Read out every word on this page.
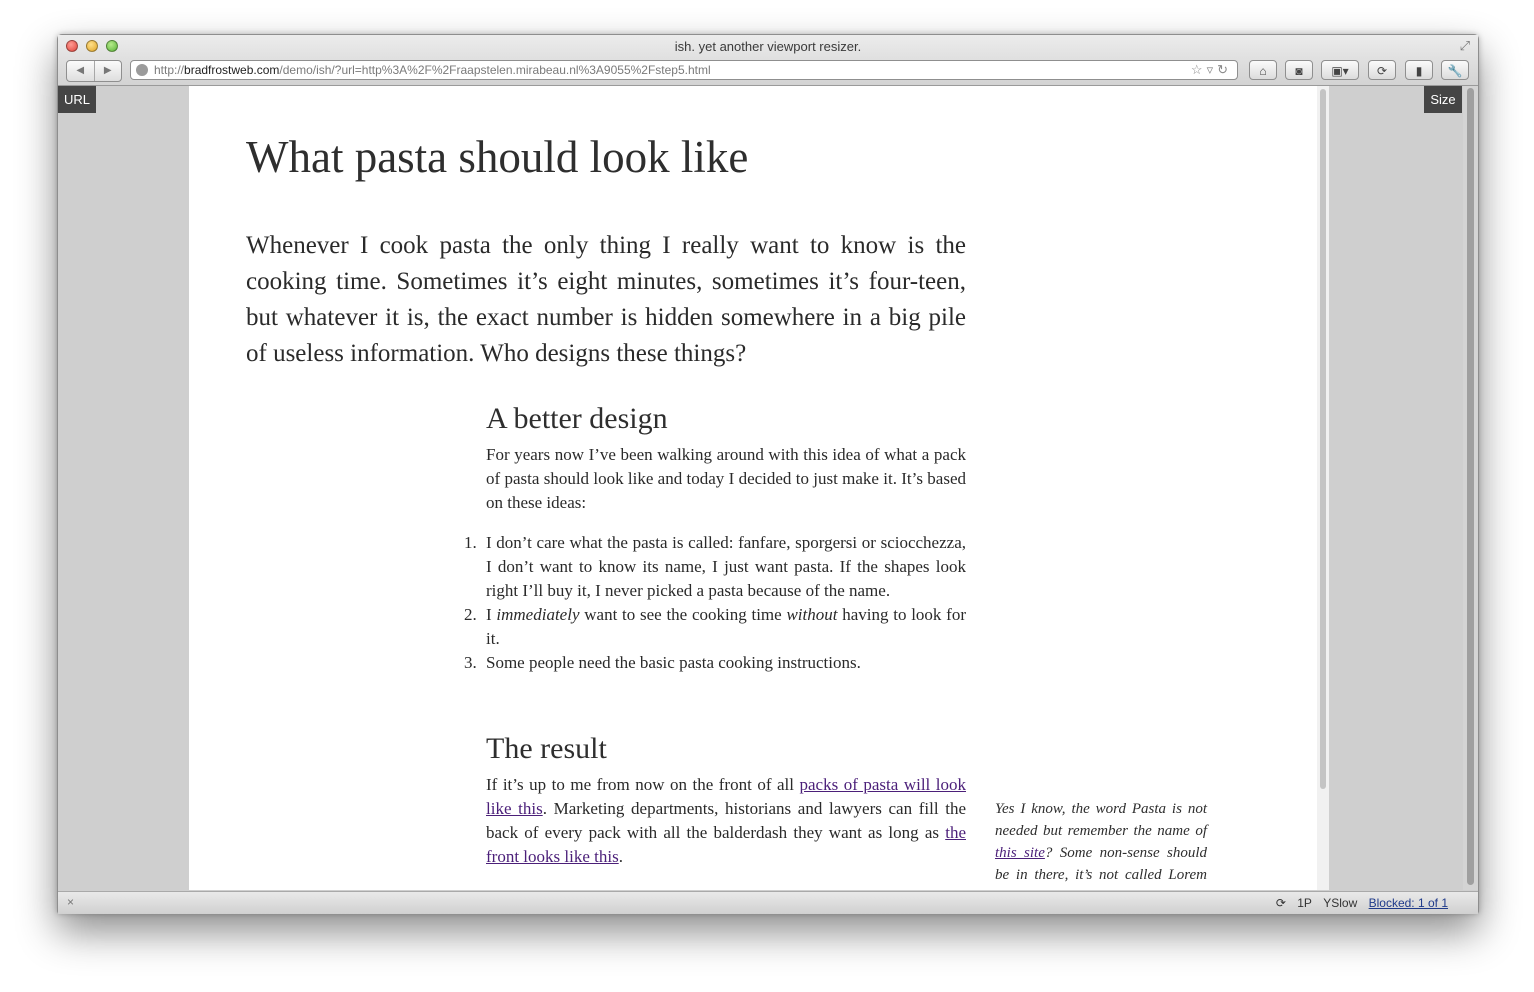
ish. yet another viewport resizer.	⤢
◀	▶	http://bradfrostweb.com/demo/ish/?url=http%3A%2F%2Fraapstelen.mirabeau.nl%3A9055%2Fstep5.html	☆▿↻	⌂	◙	▣▾	⟳	▮	🔧
URL	Size
What pasta should look like

Whenever I cook pasta the only thing I really want to know is the cooking time. Sometimes it’s eight minutes, sometimes it’s four-teen, but whatever it is, the exact number is hidden somewhere in a big pile of useless information. Who designs these things?

A better design

For years now I’ve been walking around with this idea of what a pack of pasta should look like and today I decided to just make it. It’s based on these ideas:

1. I don’t care what the pasta is called: fanfare, sporgersi or sciocchezza, I don’t want to know its name, I just want pasta. If the shapes look right I’ll buy it, I never picked a pasta because of the name.
2. I immediately want to see the cooking time without having to look for it.
3. Some people need the basic pasta cooking instructions.
The result

If it’s up to me from now on the front of all packs of pasta will look like this. Marketing departments, historians and lawyers can fill the back of every pack with all the balderdash they want as long as the front looks like this.

Yes I know, the word Pasta is not needed but remember the name of this site? Some non-sense should be in there, it’s not called Lorem

×	⟳ 1P YSlow Blocked: 1 of 1
